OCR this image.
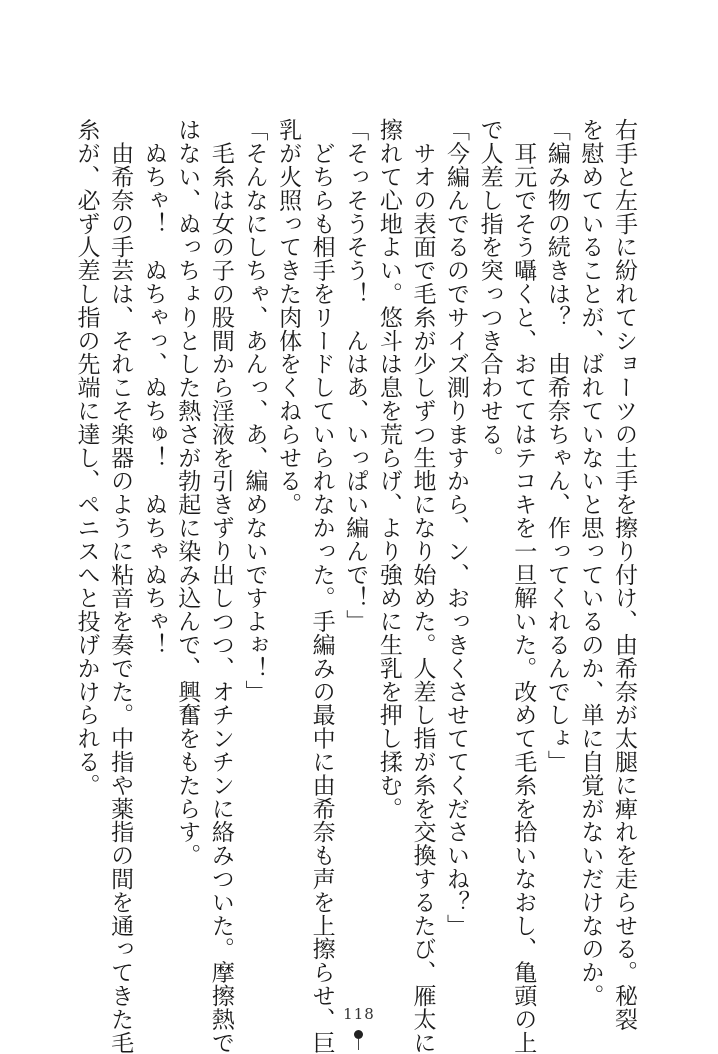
右手と左手に紛れてショーツの土手を擦り付け、由希奈が太腿に痺れを走らせる。秘裂
を慰めていることが、ばれていないと思っているのか、単に自覚がないだけなのか。
「編み物の続きは？　由希奈ちゃん、作ってくれるんでしょ」
　耳元でそう囁くと、おててはテコキを一旦解いた。改めて毛糸を拾いなおし、亀頭の上
で人差し指を突っつき合わせる。
「今編んでるのでサイズ測りますから、ン、おっきくさせててくださいね？」
　サオの表面で毛糸が少しずつ生地になり始めた。人差し指が糸を交換するたび、雁太に
擦れて心地よい。悠斗は息を荒らげ、より強めに生乳を押し揉む。
「そっそうそう！　んはあ、いっぱい編んで！」
　どちらも相手をリードしていられなかった。手編みの最中に由希奈も声を上擦らせ、巨
乳が火照ってきた肉体をくねらせる。
「そんなにしちゃ、あんっ、あ、編めないですよぉ！」
　毛糸は女の子の股間から淫液を引きずり出しつつ、オチンチンに絡みついた。摩擦熱で
はない、ぬっちょりとした熱さが勃起に染み込んで、興奮をもたらす。
　ぬちゃ！　ぬちゃっ、ぬちゅ！　ぬちゃぬちゃ！
　由希奈の手芸は、それこそ楽器のように粘音を奏でた。中指や薬指の間を通ってきた毛
糸が、必ず人差し指の先端に達し、ペニスへと投げかけられる。
118
